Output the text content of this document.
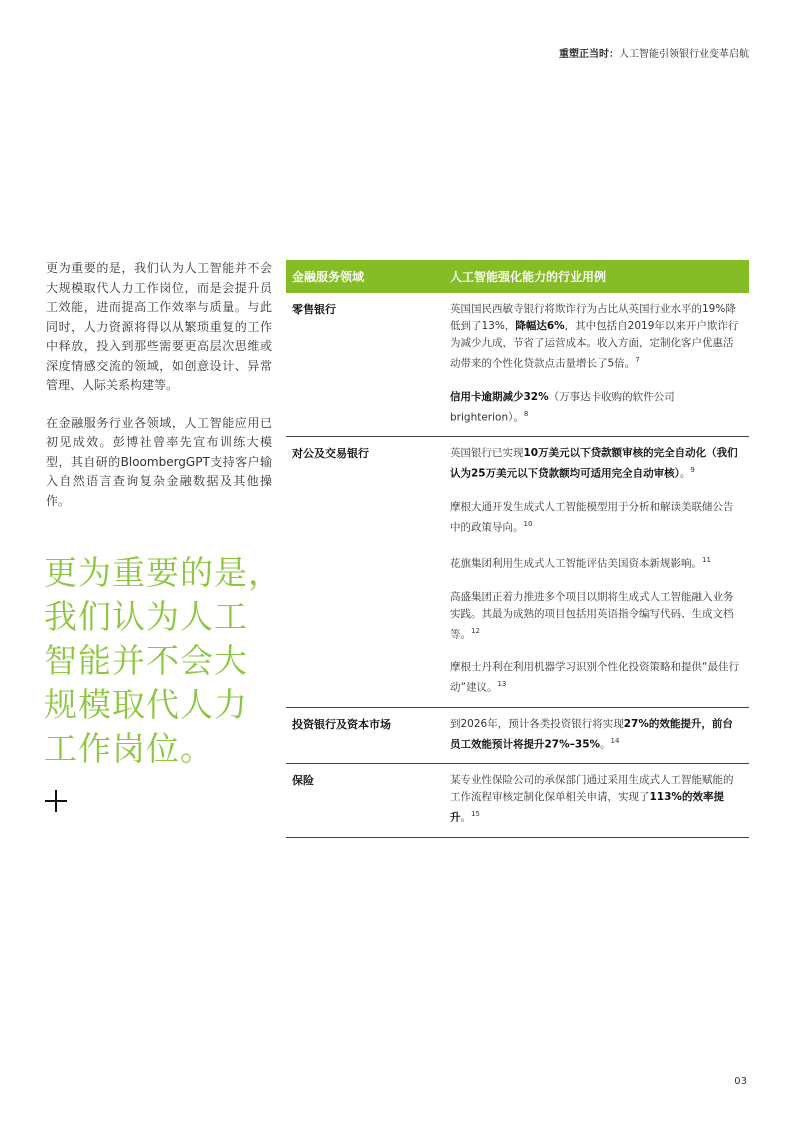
重塑正当时：人工智能引领银行业变革启航

更为重要的是，我们认为人工智能并不会大规模取代人力工作岗位，而是会提升员工效能，进而提高工作效率与质量。与此同时，人力资源将得以从繁琐重复的工作中释放，投入到那些需要更高层次思维或深度情感交流的领域，如创意设计、异常管理、人际关系构建等。

在金融服务行业各领域，人工智能应用已初见成效。彭博社曾率先宣布训练大模型，其自研的BloombergGPT支持客户输入自然语言查询复杂金融数据及其他操作。

更为重要的是，
我们认为人工
智能并不会大
规模取代人力
工作岗位。
金融服务领域	人工智能强化能力的行业用例
零售银行	英国国民西敏寺银行将欺诈行为占比从英国行业水平的19%降低到了13%，降幅达6%，其中包括自2019年以来开户欺诈行为减少九成，节省了运营成本。收入方面，定制化客户优惠活动带来的个性化贷款点击量增长了5倍。$^7$
信用卡逾期减少32%（万事达卡收购的软件公司brighterion）。$^8$

对公及交易银行	英国银行已实现10万美元以下贷款额审核的完全自动化（我们认为25万美元以下贷款额均可适用完全自动审核）。$^9$
摩根大通开发生成式人工智能模型用于分析和解读美联储公告中的政策导向。$^{10}$
花旗集团利用生成式人工智能评估美国资本新规影响。$^{11}$
高盛集团正着力推进多个项目以期将生成式人工智能融入业务实践。其最为成熟的项目包括用英语指令编写代码、生成文档等。$^{12}$
摩根士丹利在利用机器学习识别个性化投资策略和提供“最佳行动”建议。$^{13}$

投资银行及资本市场	到2026年，预计各类投资银行将实现27%的效能提升，前台员工效能预计将提升27%–35%。$^{14}$

保险	某专业性保险公司的承保部门通过采用生成式人工智能赋能的工作流程审核定制化保单相关申请，实现了113%的效率提升。$^{15}$
03
